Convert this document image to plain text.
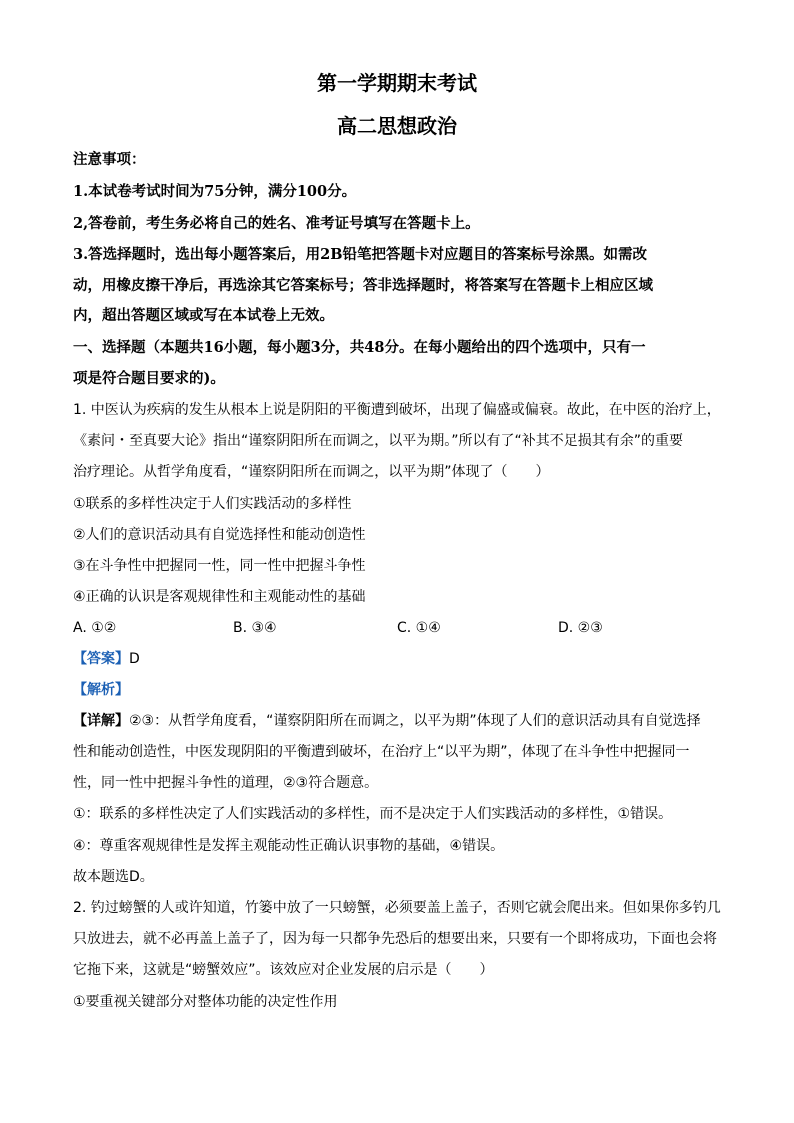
第一学期期末考试
高二思想政治
注意事项：
1.本试卷考试时间为75分钟，满分100分。
2,答卷前，考生务必将自己的姓名、准考证号填写在答题卡上。
3.答选择题时，选出每小题答案后，用2B铅笔把答题卡对应题目的答案标号涂黑。如需改
动，用橡皮擦干净后，再选涂其它答案标号；答非选择题时，将答案写在答题卡上相应区域
内，超出答题区域或写在本试卷上无效。
一、选择题（本题共16小题，每小题3分，共48分。在每小题给出的四个选项中，只有一
项是符合题目要求的)。
1. 中医认为疾病的发生从根本上说是阴阳的平衡遭到破坏，出现了偏盛或偏衰。故此，在中医的治疗上，
《素问・至真要大论》指出“谨察阴阳所在而调之，以平为期。”所以有了“补其不足损其有余”的重要
治疗理论。从哲学角度看，“谨察阴阳所在而调之，以平为期”体现了（　　）
①联系的多样性决定于人们实践活动的多样性
②人们的意识活动具有自觉选择性和能动创造性
③在斗争性中把握同一性，同一性中把握斗争性
④正确的认识是客观规律性和主观能动性的基础
A. ①②	B. ③④	C. ①④	D. ②③
【答案】D
【解析】
【详解】②③：从哲学角度看，“谨察阴阳所在而调之，以平为期”体现了人们的意识活动具有自觉选择
性和能动创造性，中医发现阴阳的平衡遭到破坏，在治疗上“以平为期”，体现了在斗争性中把握同一
性，同一性中把握斗争性的道理，②③符合题意。
①：联系的多样性决定了人们实践活动的多样性，而不是决定于人们实践活动的多样性，①错误。
④：尊重客观规律性是发挥主观能动性正确认识事物的基础，④错误。
故本题选D。
2. 钓过螃蟹的人或许知道，竹篓中放了一只螃蟹，必须要盖上盖子，否则它就会爬出来。但如果你多钓几
只放进去，就不必再盖上盖子了，因为每一只都争先恐后的想要出来，只要有一个即将成功，下面也会将
它拖下来，这就是“螃蟹效应”。该效应对企业发展的启示是（　　）
①要重视关键部分对整体功能的决定性作用
